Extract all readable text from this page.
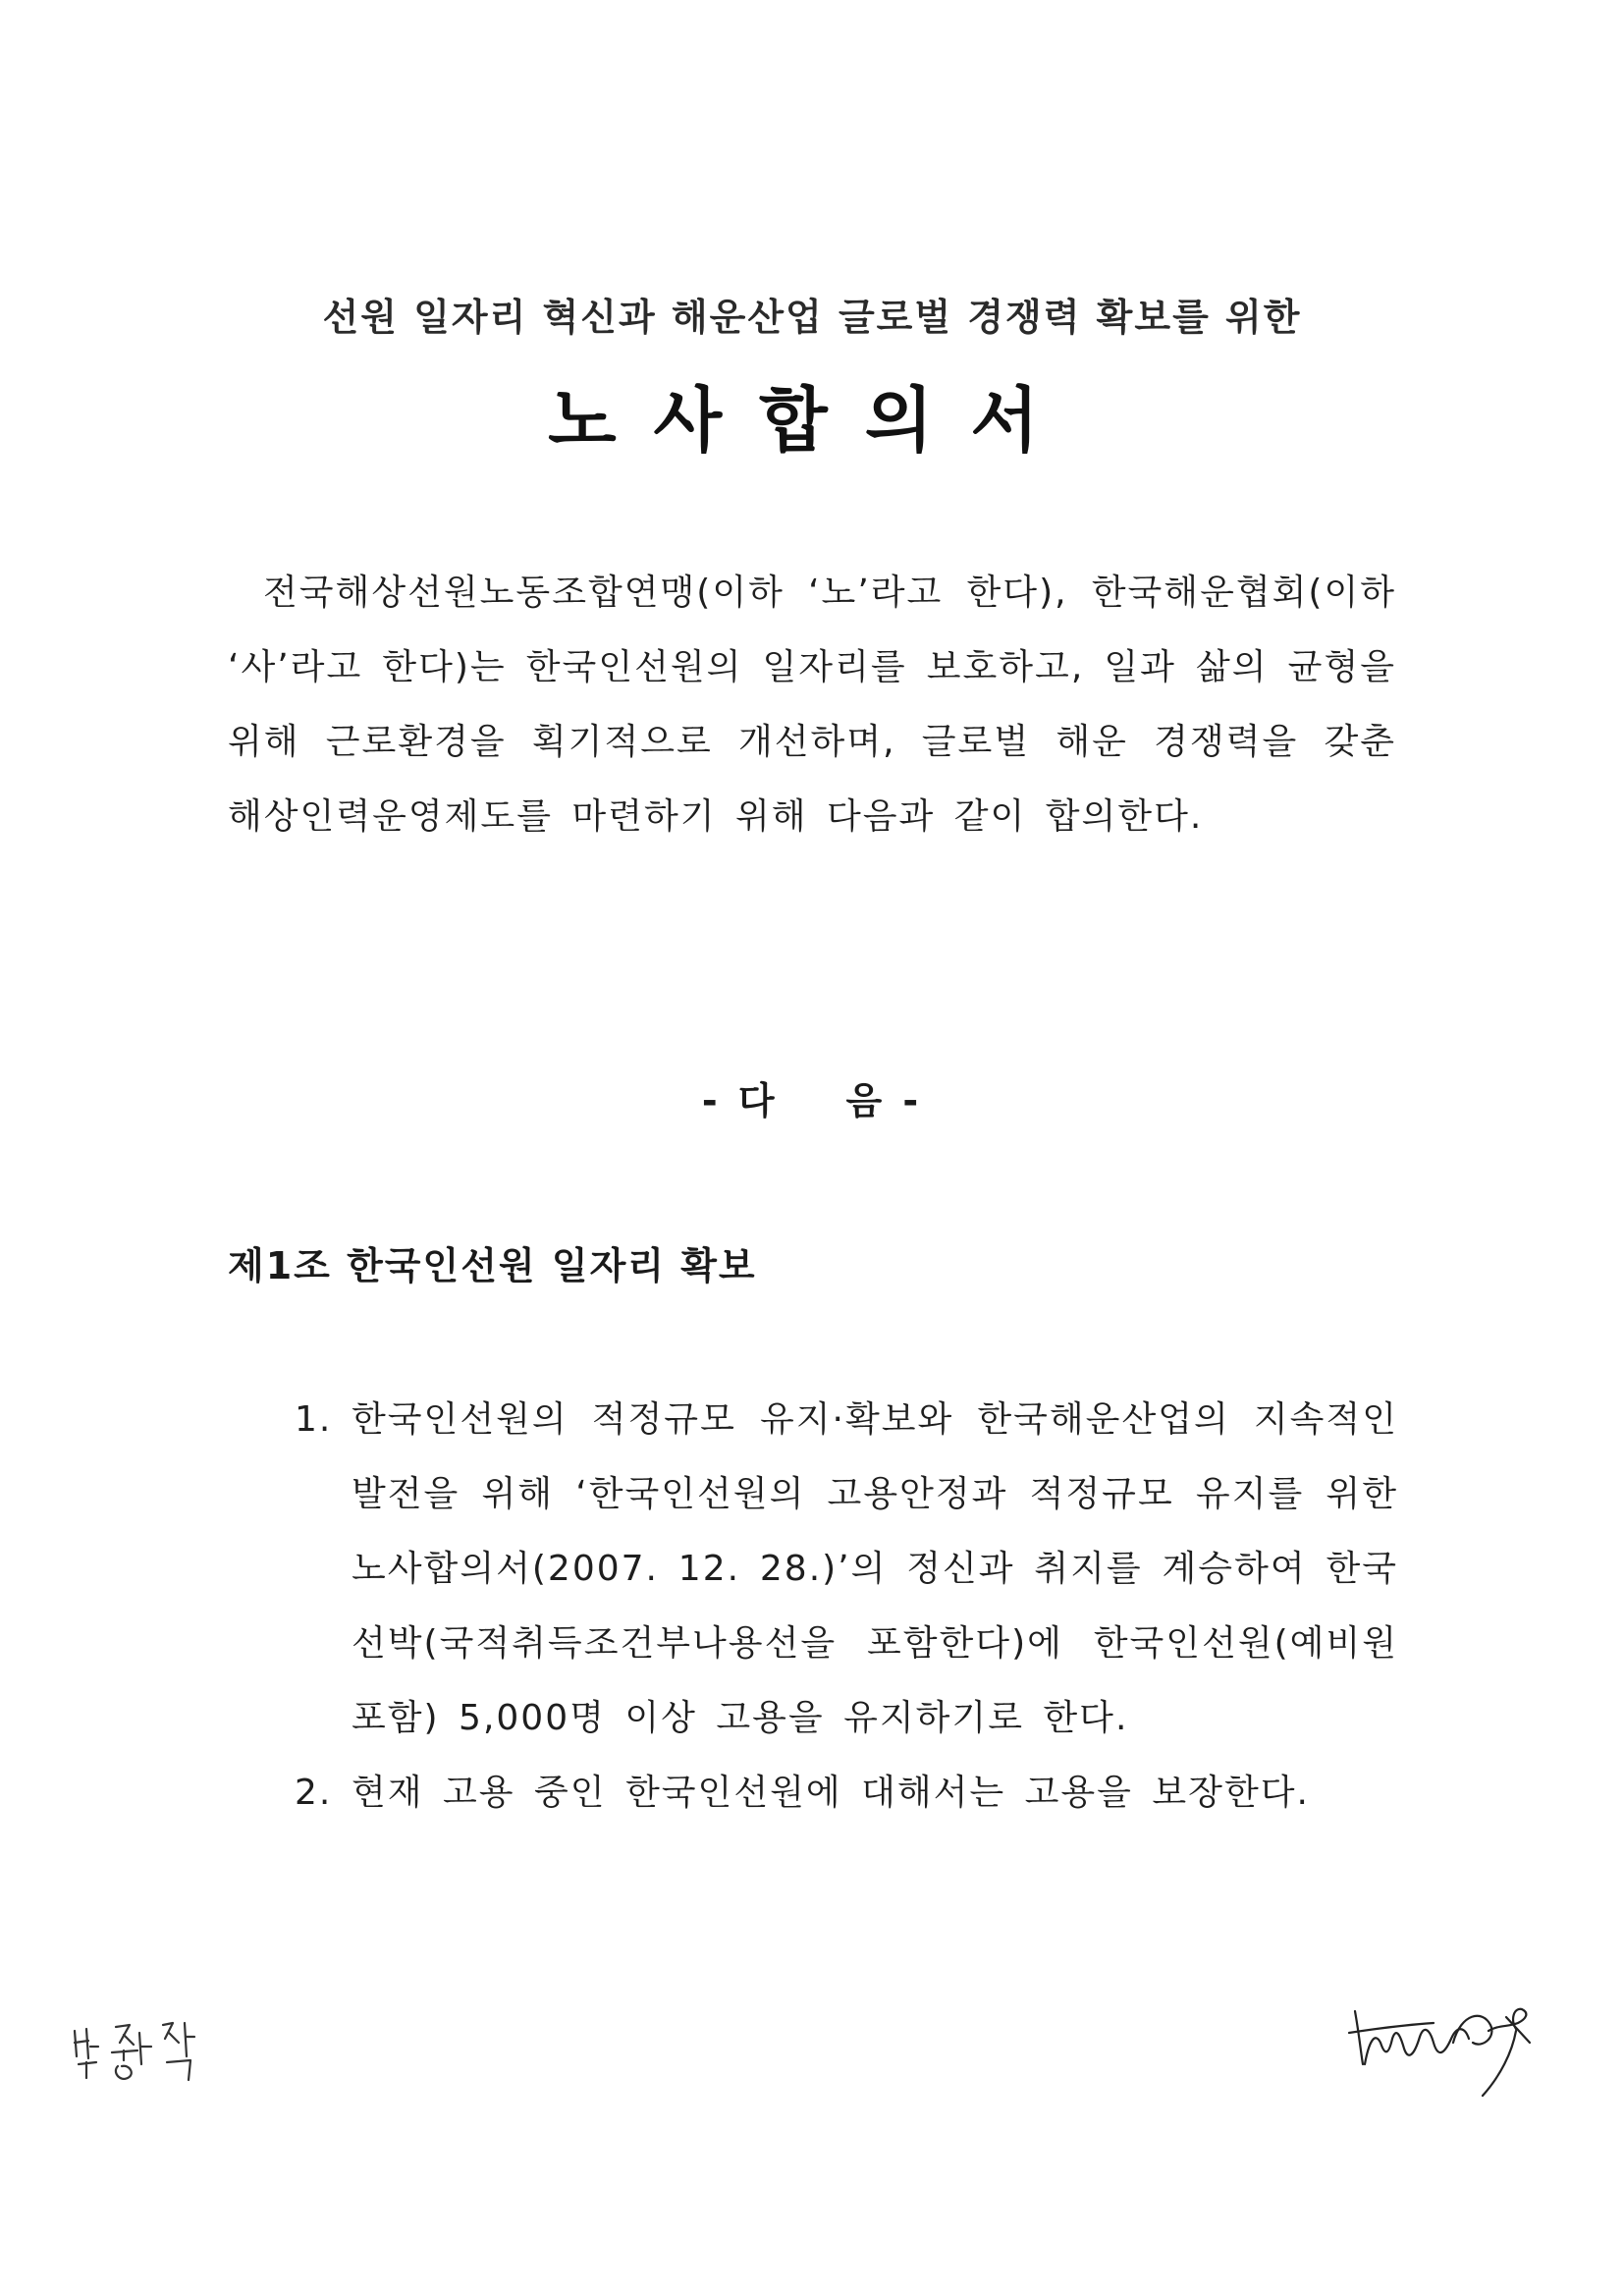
선원 일자리 혁신과 해운산업 글로벌 경쟁력 확보를 위한
노사합의서

전국해상선원노동조합연맹(이하 ‘노’라고 한다), 한국해운협회(이하 ‘사’라고 한다)는 한국인선원의 일자리를 보호하고, 일과 삶의 균형을 위해 근로환경을 획기적으로 개선하며, 글로벌 해운 경쟁력을 갖춘 해상인력운영제도를 마련하기 위해 다음과 같이 합의한다.

- 다    음 -
제1조 한국인선원 일자리 확보
1. 한국인선원의 적정규모 유지·확보와 한국해운산업의 지속적인 발전을 위해 ‘한국인선원의 고용안정과 적정규모 유지를 위한 노사합의서(2007. 12. 28.)’의 정신과 취지를 계승하여 한국선박(국적취득조건부나용선을 포함한다)에 한국인선원(예비원 포함) 5,000명 이상 고용을 유지하기로 한다.
2. 현재 고용 중인 한국인선원에 대해서는 고용을 보장한다.
